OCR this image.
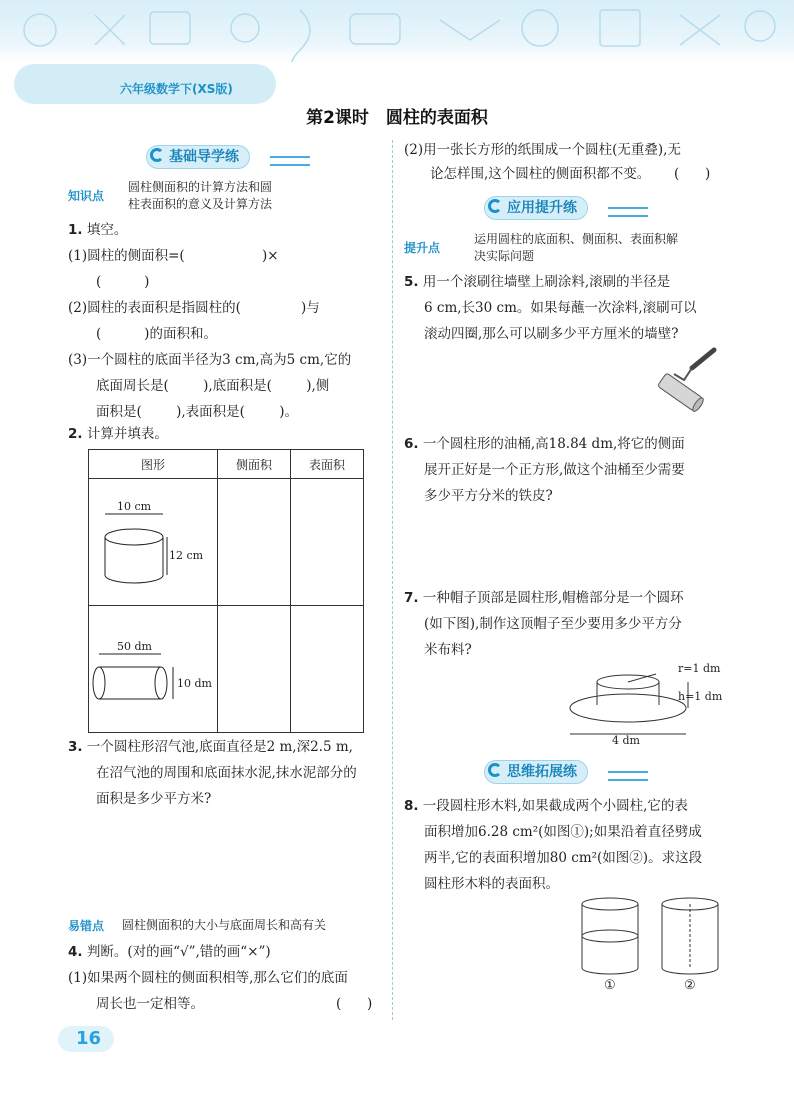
六年级数学下(XS版)
第2课时　圆柱的表面积
基础导学练
知识点
圆柱侧面积的计算方法和圆
柱表面积的意义及计算方法
1. 填空。
(1)圆柱的侧面积=(                  )×
(          )
(2)圆柱的表面积是指圆柱的(              )与
(          )的面积和。
(3)一个圆柱的底面半径为3 cm,高为5 cm,它的
底面周长是(        ),底面积是(        ),侧
面积是(        ),表面积是(        )。
2. 计算并填表。
图形	侧面积	表面积

10 cm
12 cm		

50 dm
10 dm		

3. 一个圆柱形沼气池,底面直径是2 m,深2.5 m,
在沼气池的周围和底面抹水泥,抹水泥部分的
面积是多少平方米?
易错点 圆柱侧面积的大小与底面周长和高有关
4. 判断。(对的画“√”,错的画“×”)
(1)如果两个圆柱的侧面积相等,那么它们的底面
周长也一定相等。	(      )
16
(2)用一张长方形的纸围成一个圆柱(无重叠),无
论怎样围,这个圆柱的侧面积都不变。 (      )
应用提升练
提升点
运用圆柱的底面积、侧面积、表面积解
决实际问题
5. 用一个滚刷往墙壁上刷涂料,滚刷的半径是
6 cm,长30 cm。如果每蘸一次涂料,滚刷可以
滚动四圈,那么可以刷多少平方厘米的墙壁?
6. 一个圆柱形的油桶,高18.84 dm,将它的侧面
展开正好是一个正方形,做这个油桶至少需要
多少平方分米的铁皮?
7. 一种帽子顶部是圆柱形,帽檐部分是一个圆环
(如下图),制作这顶帽子至少要用多少平方分
米布料?
r=1 dm
h=1 dm
4 dm
思维拓展练
8. 一段圆柱形木料,如果截成两个小圆柱,它的表
面积增加6.28 cm²(如图①);如果沿着直径劈成
两半,它的表面积增加80 cm²(如图②)。求这段
圆柱形木料的表面积。
①	②
